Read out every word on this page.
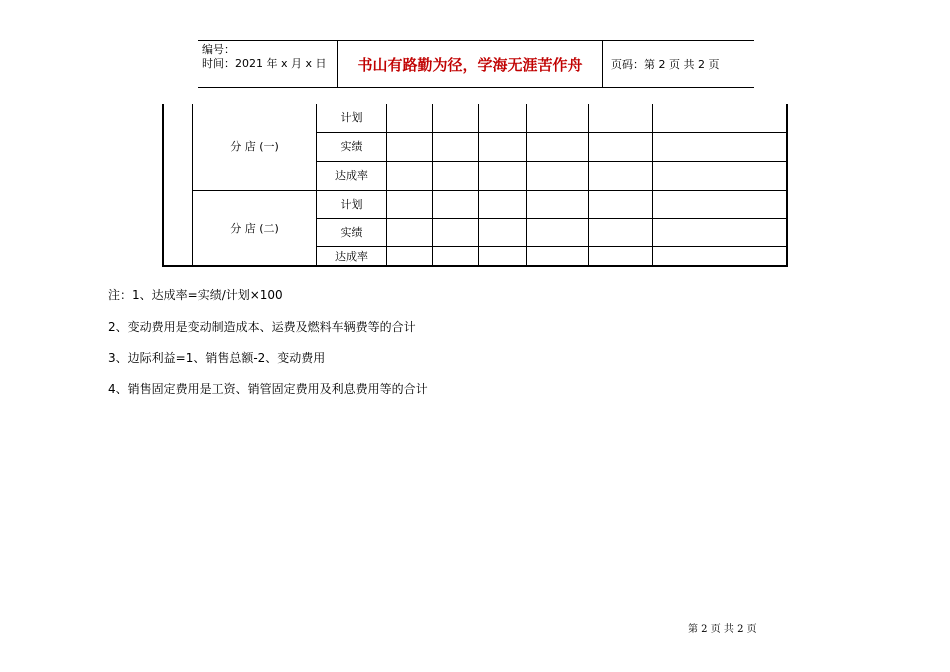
编号：
时间：2021 年 x 月 x 日	书山有路勤为径，学海无涯苦作舟	页码：第 2 页 共 2 页
分 店 (一)
分 店 (二)
计划
实绩
达成率
计划
实绩
达成率
注：1、达成率=实绩/计划×100
2、变动费用是变动制造成本、运费及燃料车辆费等的合计
3、边际利益=1、销售总额-2、变动费用
4、销售固定费用是工资、销管固定费用及利息费用等的合计
第 2 页 共 2 页
